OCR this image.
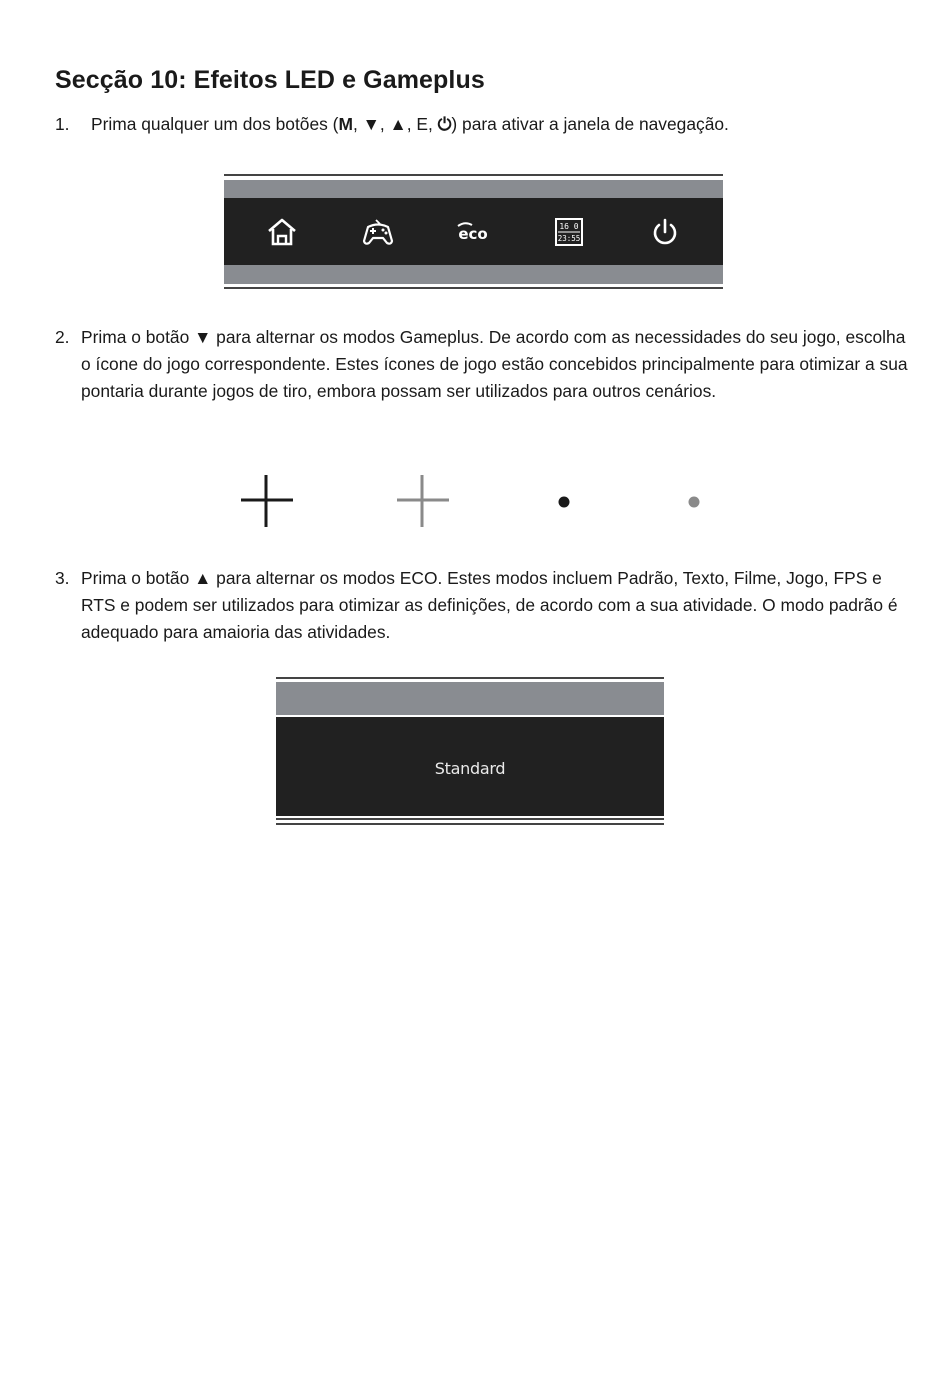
Secção 10: Efeitos LED e Gameplus
1.	Prima qualquer um dos botões (M, ▼, ▲, E, ⏻) para ativar a janela de navegação.
eco	16 0
23:55
2. Prima o botão ▼ para alternar os modos Gameplus. De acordo com as necessidades do seu jogo, escolha o ícone do jogo correspondente. Estes ícones de jogo estão concebidos principalmente para otimizar a sua pontaria durante jogos de tiro, embora possam ser utilizados para outros cenários.
3. Prima o botão ▲ para alternar os modos ECO. Estes modos incluem Padrão, Texto, Filme, Jogo, FPS e RTS e podem ser utilizados para otimizar as definições, de acordo com a sua atividade. O modo padrão é adequado para amaioria das atividades.
Standard
